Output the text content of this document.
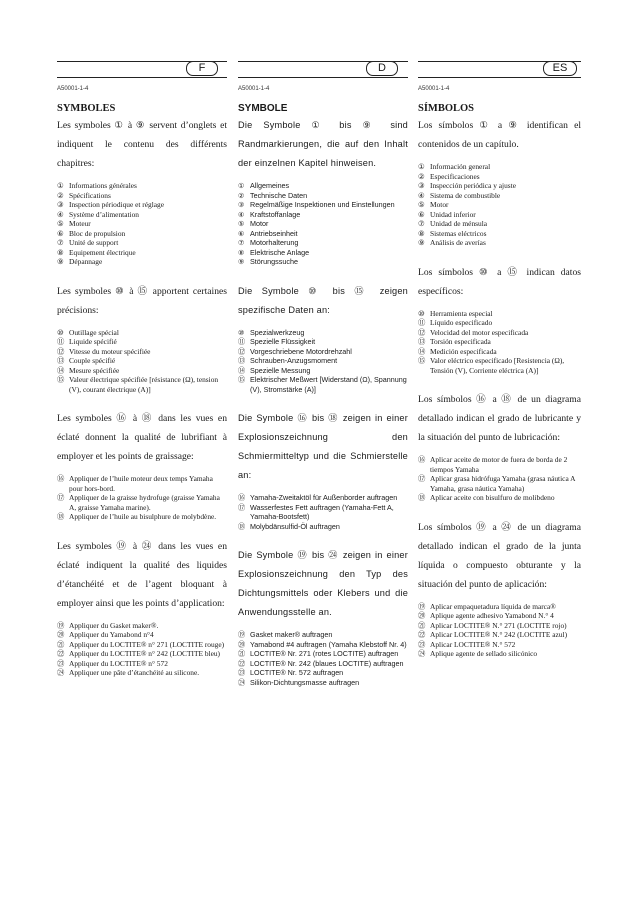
F	D	ES
A50001-1-4
SYMBOLES

Les symboles ① à ⑨ servent d’onglets et indiquent le contenu des différents chapitres:

① Informations générales
② Spécifications
③ Inspection périodique et réglage
④ Système d’alimentation
⑤ Moteur
⑥ Bloc de propulsion
⑦ Unité de support
⑧ Equipement électrique
⑨ Dépannage

Les symboles ⑩ à ⑮ apportent certaines précisions:

⑩ Outillage spécial
⑪ Liquide spécifié
⑫ Vitesse du moteur spécifiée
⑬ Couple spécifié
⑭ Mesure spécifiée
⑮ Valeur électrique spécifiée [résistance (Ω), tension (V), courant électrique (A)]

Les symboles ⑯ à ⑱ dans les vues en éclaté donnent la qualité de lubrifiant à employer et les points de graissage:

⑯ Appliquer de l’huile moteur deux temps Yamaha pour hors-bord.
⑰ Appliquer de la graisse hydrofuge (graisse Yamaha A, graisse Yamaha marine).
⑱ Appliquer de l’huile au bisulphure de molybdène.

Les symboles ⑲ à ㉔ dans les vues en éclaté indiquent la qualité des liquides d’étanchéité et de l’agent bloquant à employer ainsi que les points d’application:

⑲ Appliquer du Gasket maker®.
⑳ Appliquer du Yamabond n°4
㉑ Appliquer du LOCTITE® n° 271 (LOCTITE rouge)
㉒ Appliquer du LOCTITE® n° 242 (LOCTITE bleu)
㉓ Appliquer du LOCTITE® n° 572
㉔ Appliquer une pâte d’étanchéité au silicone.
A50001-1-4
SYMBOLE

Die Symbole ① bis ⑨ sind Randmarkierungen, die auf den Inhalt der einzelnen Kapitel hinweisen.

① Allgemeines
② Technische Daten
③ Regelmäßige Inspektionen und Einstellungen
④ Kraftstoffanlage
⑤ Motor
⑥ Antriebseinheit
⑦ Motorhalterung
⑧ Elektrische Anlage
⑨ Störungssuche

Die Symbole ⑩ bis ⑮ zeigen spezifische Daten an:

⑩ Spezialwerkzeug
⑪ Spezielle Flüssigkeit
⑫ Vorgeschriebene Motordrehzahl
⑬ Schrauben-Anzugsmoment
⑭ Spezielle Messung
⑮ Elektrischer Meßwert [Widerstand (Ω), Spannung (V), Stromstärke (A)]

Die Symbole ⑯ bis ⑱ zeigen in einer Explosionszeichnung den Schmiermitteltyp und die Schmierstelle an:

⑯ Yamaha-Zweitaktöl für Außenborder auftragen
⑰ Wasserfestes Fett auftragen (Yamaha-Fett A, Yamaha-Bootsfett)
⑱ Molybdänsulfid-Öl auftragen

Die Symbole ⑲ bis ㉔ zeigen in einer Explosionszeichnung den Typ des Dichtungsmittels oder Klebers und die Anwendungsstelle an.

⑲ Gasket maker® auftragen
⑳ Yamabond #4 auftragen (Yamaha Klebstoff Nr. 4)
㉑ LOCTITE® Nr. 271 (rotes LOCTITE) auftragen
㉒ LOCTITE® Nr. 242 (blaues LOCTITE) auftragen
㉓ LOCTITE® Nr. 572 auftragen
㉔ Silikon-Dichtungsmasse auftragen
A50001-1-4
SÍMBOLOS

Los símbolos ① a ⑨ identifican el contenidos de un capítulo.

① Información general
② Especificaciones
③ Inspección periódica y ajuste
④ Sistema de combustible
⑤ Motor
⑥ Unidad inferior
⑦ Unidad de ménsula
⑧ Sistemas eléctricos
⑨ Análisis de averías

Los símbolos ⑩ a ⑮ indican datos específicos:

⑩ Herramienta especial
⑪ Líquido especificado
⑫ Velocidad del motor especificada
⑬ Torsión especificada
⑭ Medición especificada
⑮ Valor eléctrico especificado [Resistencia (Ω), Tensión (V), Corriente eléctrica (A)]

Los símbolos ⑯ a ⑱ de un diagrama detallado indican el grado de lubricante y la situación del punto de lubricación:

⑯ Aplicar aceite de motor de fuera de borda de 2 tiempos Yamaha
⑰ Aplicar grasa hidrófuga Yamaha (grasa náutica A Yamaha, grasa náutica Yamaha)
⑱ Aplicar aceite con bisulfuro de molibdeno

Los símbolos ⑲ a ㉔ de un diagrama detallado indican el grado de la junta líquida o compuesto obturante y la situación del punto de aplicación:

⑲ Aplicar empaquetadura líquida de marca®
⑳ Aplique agente adhesivo Yamabond N.° 4
㉑ Aplicar LOCTITE® N.° 271 (LOCTITE rojo)
㉒ Aplicar LOCTITE® N.° 242 (LOCTITE azul)
㉓ Aplicar LOCTITE® N.° 572
㉔ Aplique agente de sellado silicónico
